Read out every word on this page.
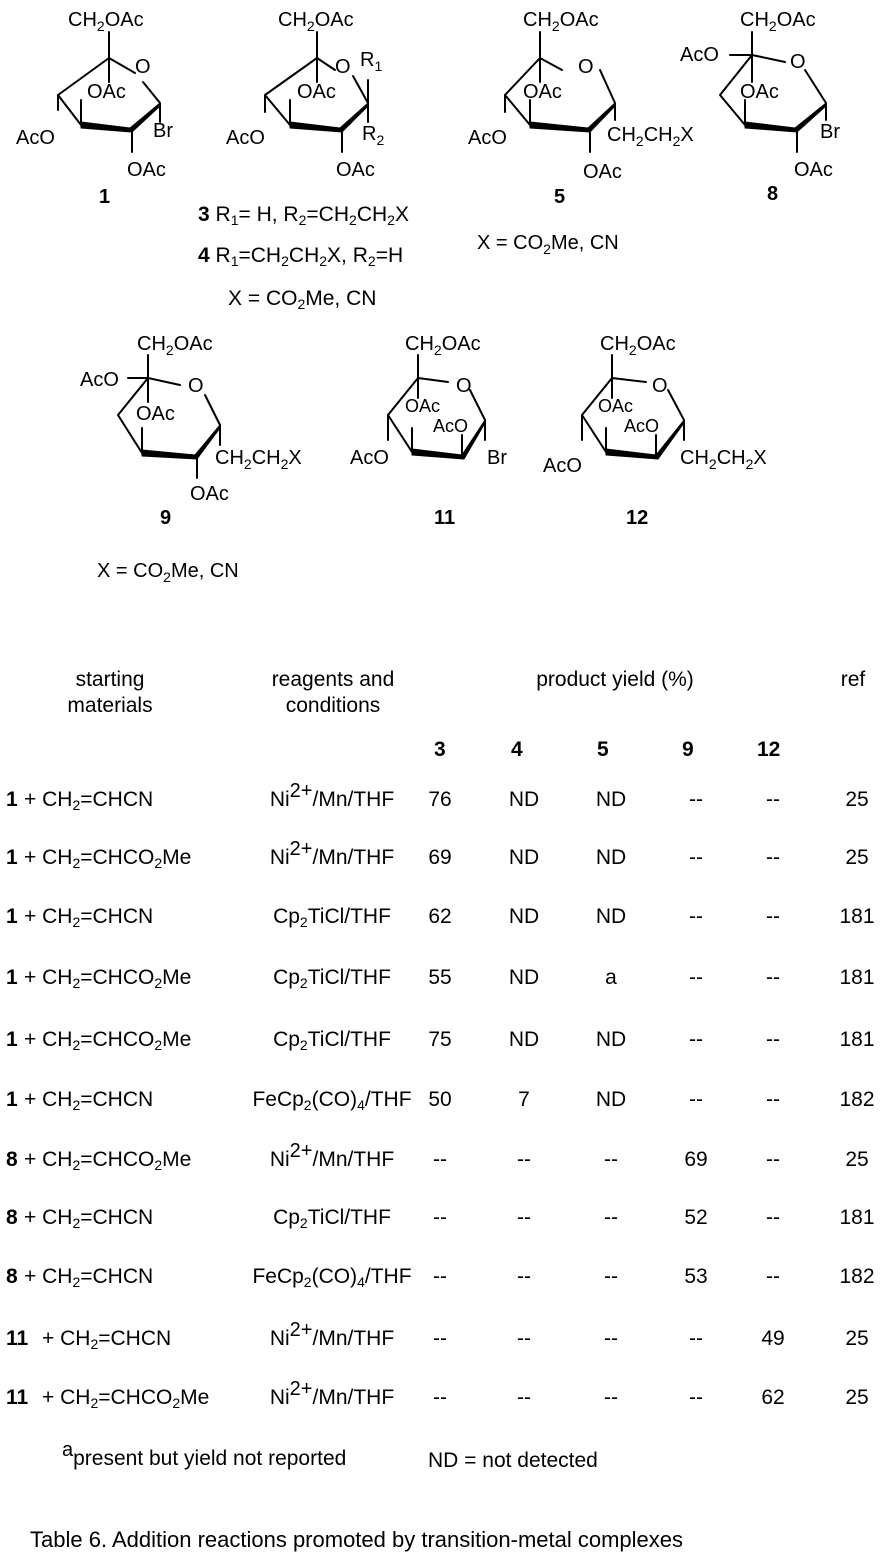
$CH_2OAc$
O
OAc
AcO	Br
OAc
1
$CH_2OAc$
O $R_1$
OAc
AcO	$R_2$
OAc
$CH_2OAc$
O
OAc
AcO	$CH_2CH_2X$
OAc
5
$X = CO_2Me$, CN
$CH_2OAc$
AcO	O
OAc
Br
OAc
8
$CH_2OAc$
AcO	O
OAc
$CH_2CH_2X$
OAc
9
$X = CO_2Me$, CN
$CH_2OAc$
O
OAc
AcO
AcO	Br
11
$CH_2OAc$
O
OAc
AcO
AcO	$CH_2CH_2X$
12
3 $R_1= H$, $R_2=CH_2CH_2X$
4 $R_1=CH_2CH_2X$, $R_2=H$
$X = CO_2Me$, CN
starting
materials
reagents and
conditions
product yield (%)	ref
3	4	5	9	12
$1 + CH_2=CHCN$	$Ni^{2+}/Mn$/THF 76	ND	ND	--	--	25
$1 + CH_2=CHCO_2Me$	$Ni^{2+}/Mn$/THF 69	ND	ND	--	--	25
$1 + CH_2=CHCN$	$Cp_2TiCl$/THF 62	ND	ND	--	--	181
$1 + CH_2=CHCO_2Me$	$Cp_2TiCl$/THF 55	ND	a	--	--	181
$1 + CH_2=CHCO_2Me$	$Cp_2TiCl$/THF 75	ND	ND	--	--	181
$1 + CH_2=CHCN$	$FeCp_2(CO)_4$/THF 50	7	ND	--	--	182
$8 + CH_2=CHCO_2Me$	$Ni^{2+}/Mn$/THF --	--	--	69	--	25
$8 + CH_2=CHCN$	$Cp_2TiCl$/THF --	--	--	52	--	181
$8 + CH_2=CHCN$	$FeCp_2(CO)_4$/THF --	--	--	53	--	182
$11 + CH_2=CHCN$	$Ni^{2+}/Mn$/THF --	--	--	--	49	25
$11 + CH_2=CHCO_2Me$	$Ni^{2+}/Mn$/THF --	--	--	--	62	25
$^a$present but yield not reported	ND = not detected
Table 6. Addition reactions promoted by transition-metal complexes
